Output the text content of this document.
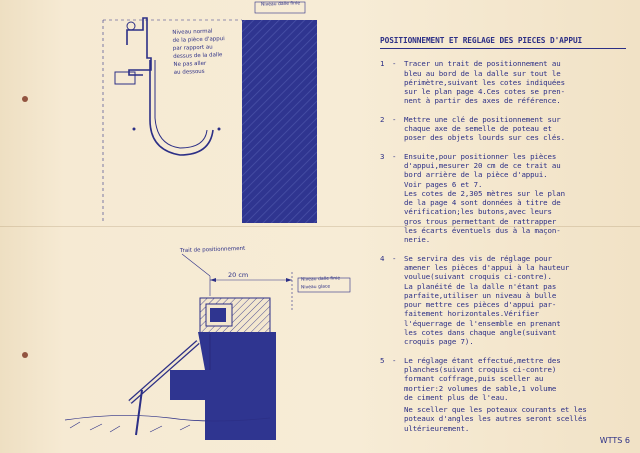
Niveau dalle finie
Niveau normal
de la pièce d'appui
par rapport au
dessus de la dalle
Ne pas aller
au dessous
Trait de positionnement
20 cm
Niveau dalle finie
Niveau glace
POSITIONNEMENT ET REGLAGE DES PIECES D'APPUI
1	-	Tracer un trait de positionnement au
bleu au bord de la dalle sur tout le
périmètre,suivant les cotes indiquées
sur le plan page 4.Ces cotes se pren-
nent à partir des axes de référence.
2	-	Mettre une clé de positionnement sur
chaque axe de semelle de poteau et
poser des objets lourds sur ces clés.
3	-	Ensuite,pour positionner les pièces
d'appui,mesurer 20 cm de ce trait au
bord arrière de la pièce d'appui.
Voir pages 6 et 7.
Les cotes de 2,305 mètres sur le plan
de la page 4 sont données à titre de
vérification;les butons,avec leurs
gros trous permettant de rattrapper
les écarts éventuels dus à la maçon-
nerie.
4	-	Se servira des vis de réglage pour
amener les pièces d'appui à la hauteur
voulue(suivant croquis ci-contre).
La planéité de la dalle n'étant pas
parfaite,utiliser un niveau à bulle
pour mettre ces pièces d'appui par-
faitement horizontales.Vérifier
l'équerrage de l'ensemble en prenant
les cotes dans chaque angle(suivant
croquis page 7).
5	-	Le réglage étant effectué,mettre des
planches(suivant croquis ci-contre)
formant coffrage,puis sceller au
mortier:2 volumes de sable,1 volume
de ciment plus de l'eau.
Ne sceller que les poteaux courants et les
poteaux d'angles les autres seront scellés
ultérieurement.
WTTS 6
